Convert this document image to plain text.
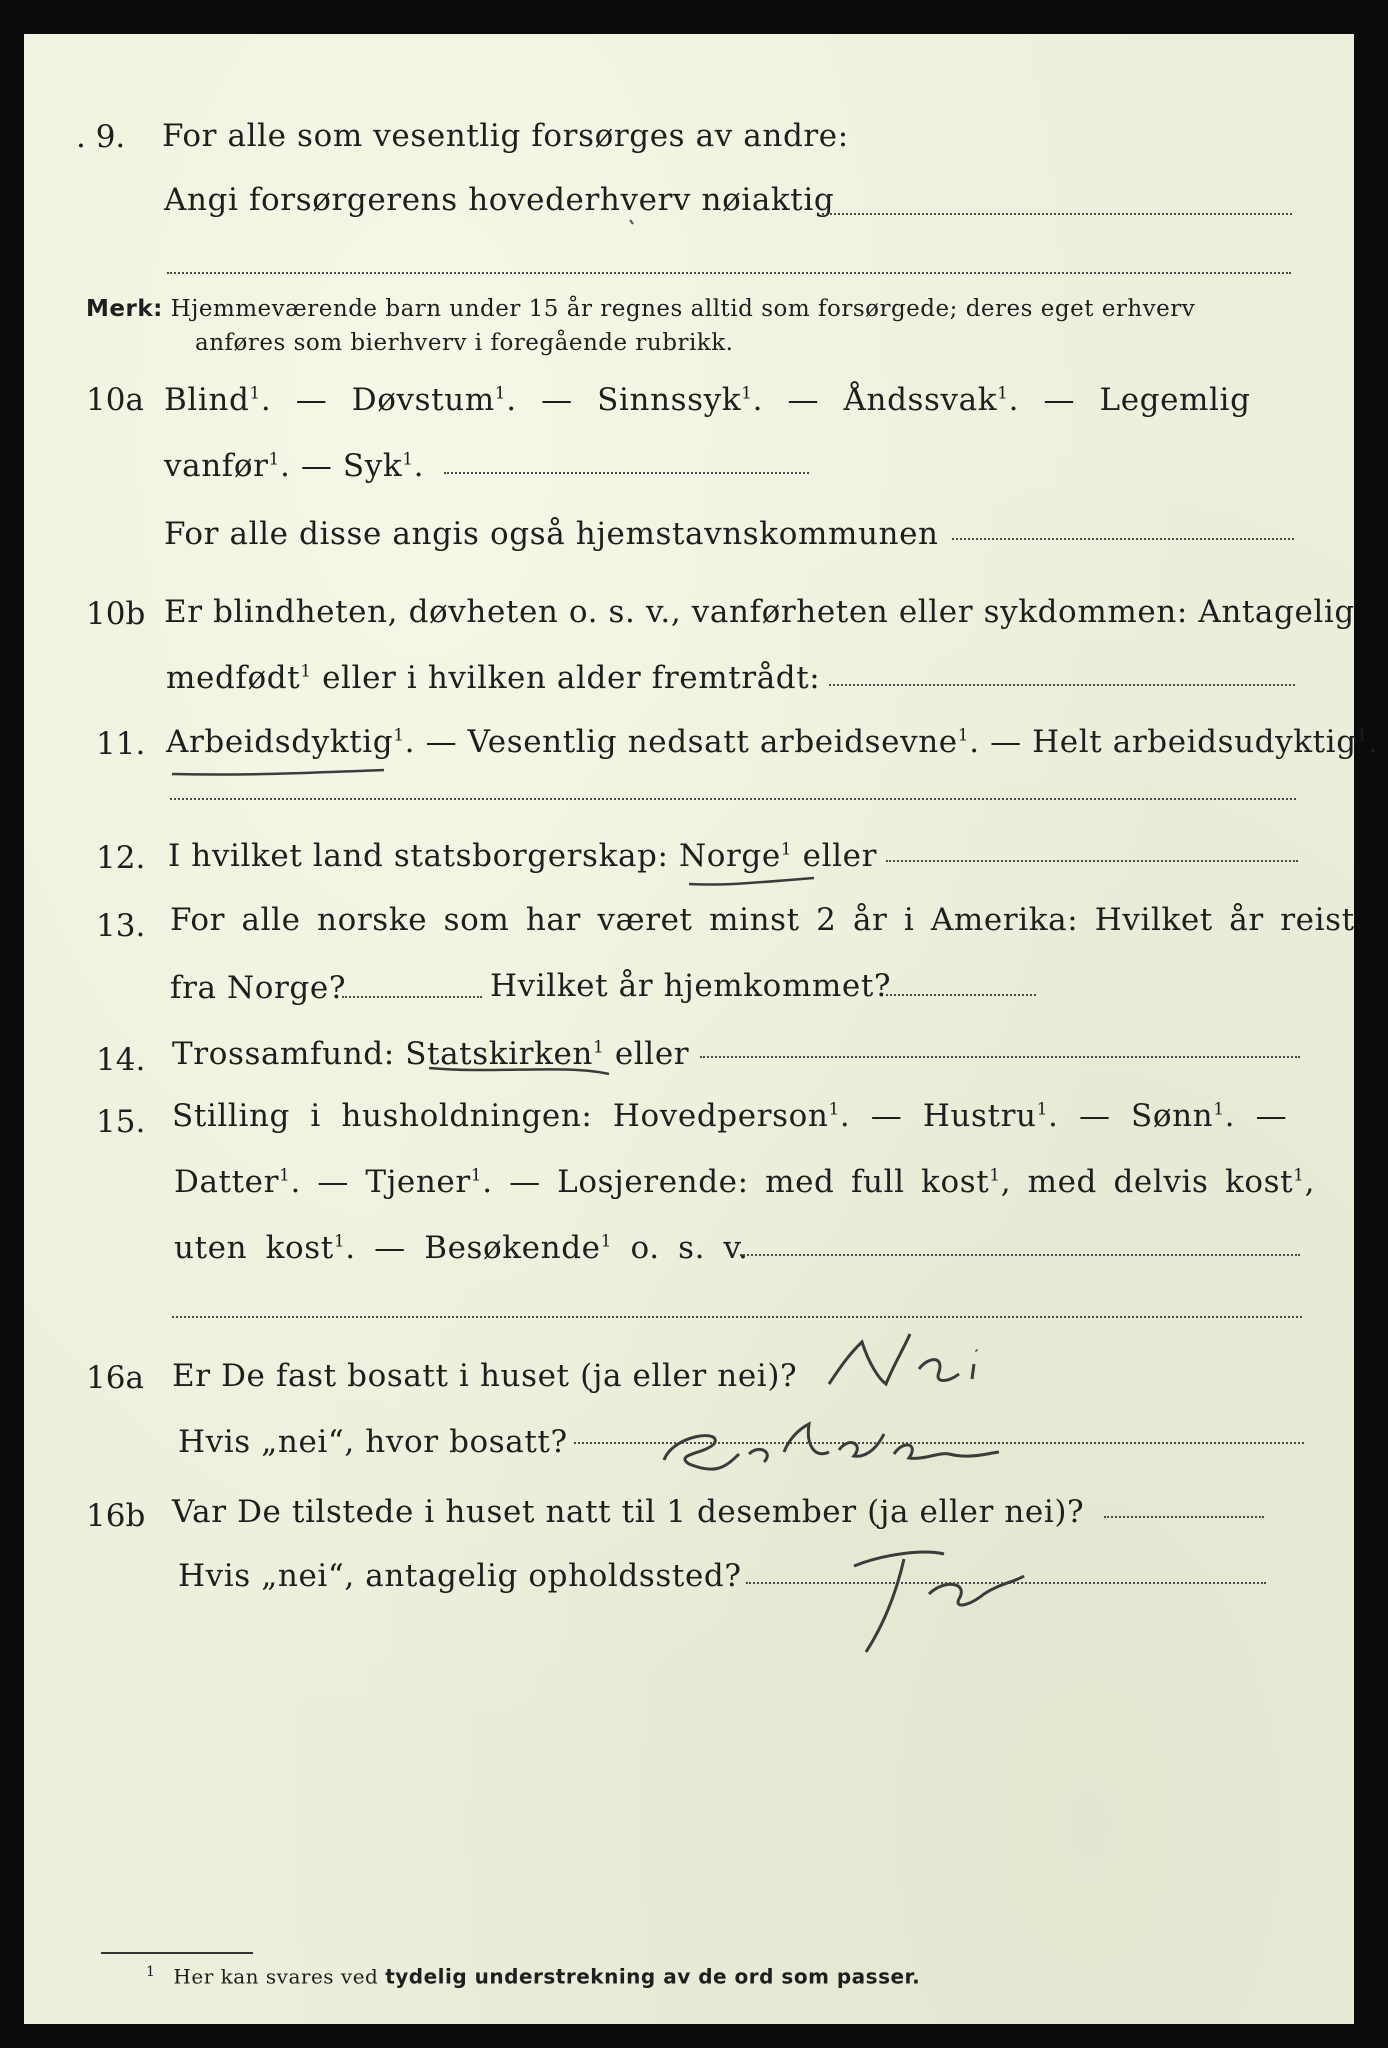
. 9. For alle som vesentlig forsørges av andre:
Angi forsørgerens hovederhverv nøiaktig
Merk: Hjemmeværende barn under 15 år regnes alltid som forsørgede; deres eget erhverv
anføres som bierhverv i foregående rubrikk.
10a Blind$^1$. — Døvstum$^1$. — Sinnssyk$^1$. — Åndssvak$^1$. — Legemlig
vanfør$^1$. — Syk$^1$.
For alle disse angis også hjemstavnskommunen
10b Er blindheten, døvheten o. s. v., vanførheten eller sykdommen: Antagelig
medfødt$^1$ eller i hvilken alder fremtrådt:
11. Arbeidsdyktig$^1$. — Vesentlig nedsatt arbeidsevne$^1$. — Helt arbeidsudyktig$^1$.
12. I hvilket land statsborgerskap: Norge$^1$ eller
13. For alle norske som har været minst 2 år i Amerika: Hvilket år reist
fra Norge?	Hvilket år hjemkommet?
14. Trossamfund: Statskirken$^1$ eller
15. Stilling i husholdningen: Hovedperson$^1$. — Hustru$^1$. — Sønn$^1$. —
Datter$^1$. — Tjener$^1$. — Losjerende: med full kost$^1$, med delvis kost$^1$,
uten kost$^1$. — Besøkende$^1$ o. s. v.
16a Er De fast bosatt i huset (ja eller nei)?
Hvis „nei“, hvor bosatt?
16b Var De tilstede i huset natt til 1 desember (ja eller nei)?
Hvis „nei“, antagelig opholdssted?
$^1$ Her kan svares ved tydelig understrekning av de ord som passer.
